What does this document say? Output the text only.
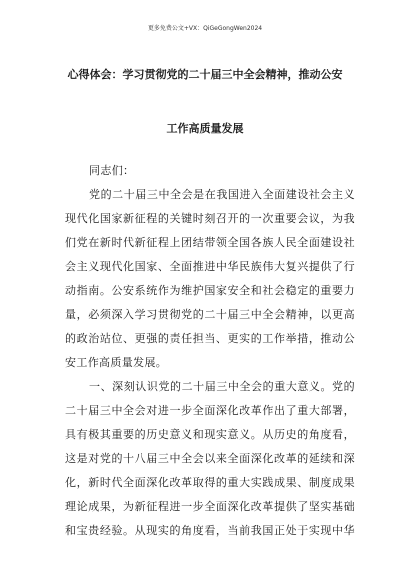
更多免费公文+VX：QiGeGongWen2024
心得体会：学习贯彻党的二十届三中全会精神，推动公安
工作高质量发展
同志们：
党的二十届三中全会是在我国进入全面建设社会主义
现代化国家新征程的关键时刻召开的一次重要会议，为我
们党在新时代新征程上团结带领全国各族人民全面建设社
会主义现代化国家、全面推进中华民族伟大复兴提供了行
动指南。公安系统作为维护国家安全和社会稳定的重要力
量，必须深入学习贯彻党的二十届三中全会精神，以更高
的政治站位、更强的责任担当、更实的工作举措，推动公
安工作高质量发展。
一、深刻认识党的二十届三中全会的重大意义。党的
二十届三中全会对进一步全面深化改革作出了重大部署，
具有极其重要的历史意义和现实意义。从历史的角度看，
这是对党的十八届三中全会以来全面深化改革的延续和深
化，新时代全面深化改革取得的重大实践成果、制度成果
理论成果，为新征程进一步全面深化改革提供了坚实基础
和宝贵经验。从现实的角度看，当前我国正处于实现中华
